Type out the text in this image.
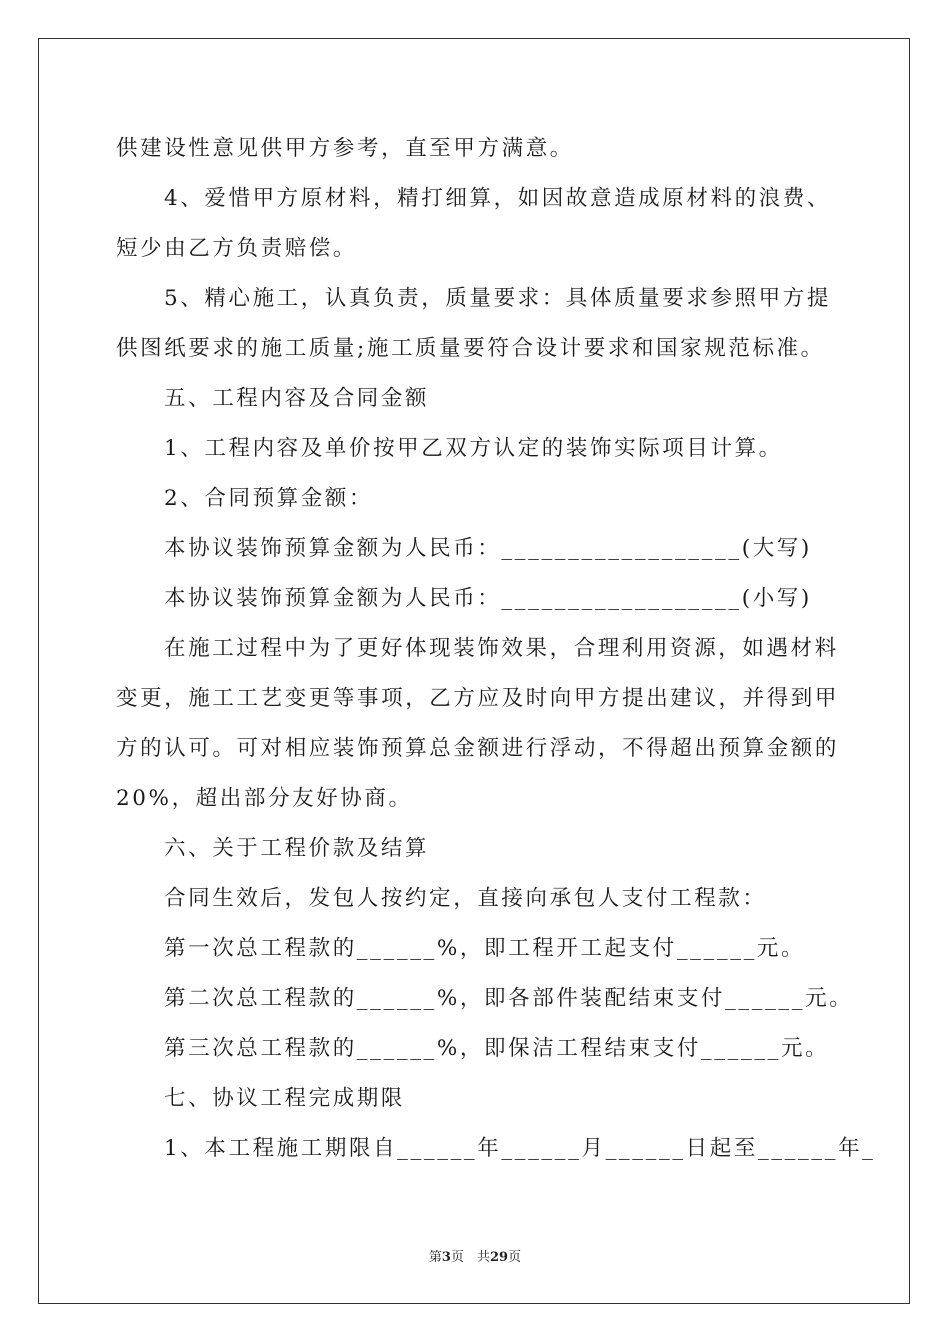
供建设性意见供甲方参考，直至甲方满意。
4、爱惜甲方原材料，精打细算，如因故意造成原材料的浪费、
短少由乙方负责赔偿。
5、精心施工，认真负责，质量要求：具体质量要求参照甲方提
供图纸要求的施工质量;施工质量要符合设计要求和国家规范标准。
五、工程内容及合同金额
1、工程内容及单价按甲乙双方认定的装饰实际项目计算。
2、合同预算金额：
本协议装饰预算金额为人民币：__________________(大写)
本协议装饰预算金额为人民币：__________________(小写)
在施工过程中为了更好体现装饰效果，合理利用资源，如遇材料
变更，施工工艺变更等事项，乙方应及时向甲方提出建议，并得到甲
方的认可。可对相应装饰预算总金额进行浮动，不得超出预算金额的
20%，超出部分友好协商。
六、关于工程价款及结算
合同生效后，发包人按约定，直接向承包人支付工程款：
第一次总工程款的______%，即工程开工起支付______元。
第二次总工程款的______%，即各部件装配结束支付______元。
第三次总工程款的______%，即保洁工程结束支付______元。
七、协议工程完成期限
1、本工程施工期限自______年______月______日起至______年_
第3页　共29页
